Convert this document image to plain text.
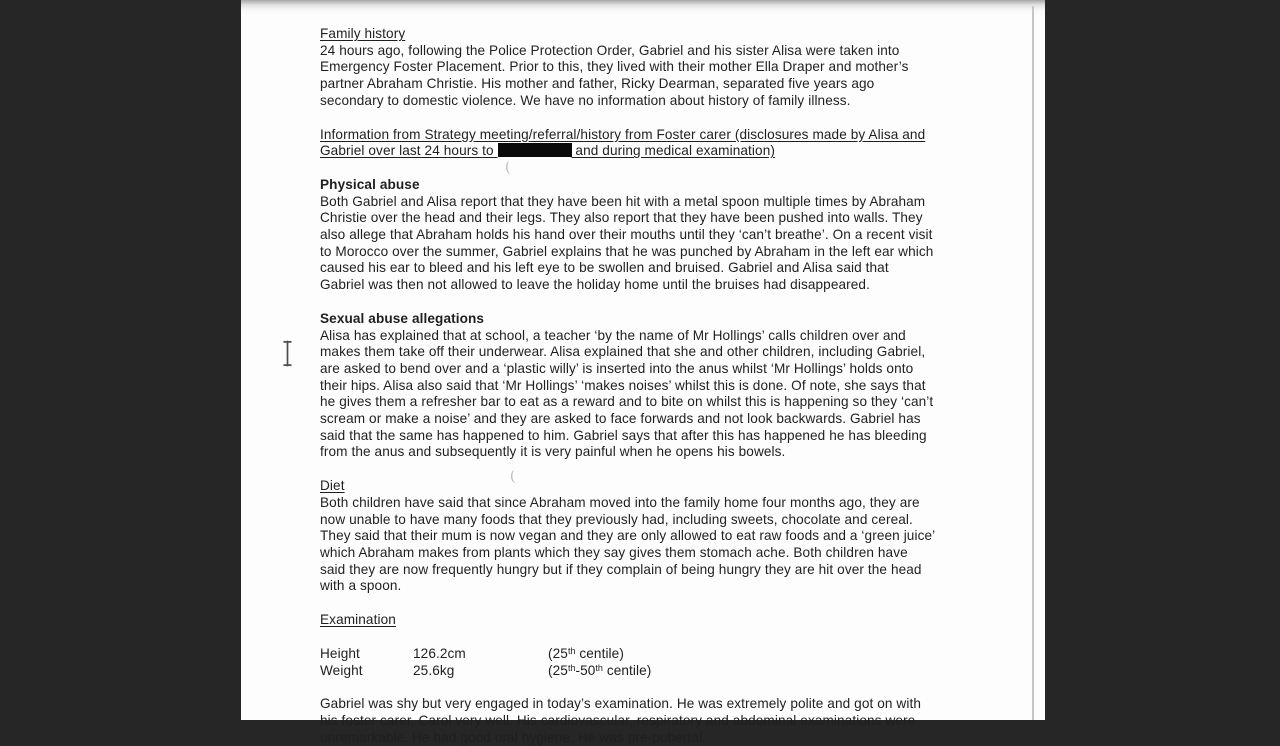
Family history
24 hours ago, following the Police Protection Order, Gabriel and his sister Alisa were taken into
Emergency Foster Placement. Prior to this, they lived with their mother Ella Draper and mother’s
partner Abraham Christie. His mother and father, Ricky Dearman, separated five years ago
secondary to domestic violence. We have no information about history of family illness.
Information from Strategy meeting/referral/history from Foster carer (disclosures made by Alisa and
Gabriel over last 24 hours to	and during medical examination)
Physical abuse
Both Gabriel and Alisa report that they have been hit with a metal spoon multiple times by Abraham
Christie over the head and their legs. They also report that they have been pushed into walls. They
also allege that Abraham holds his hand over their mouths until they ‘can’t breathe’. On a recent visit
to Morocco over the summer, Gabriel explains that he was punched by Abraham in the left ear which
caused his ear to bleed and his left eye to be swollen and bruised. Gabriel and Alisa said that
Gabriel was then not allowed to leave the holiday home until the bruises had disappeared.
Sexual abuse allegations
Alisa has explained that at school, a teacher ‘by the name of Mr Hollings’ calls children over and
makes them take off their underwear. Alisa explained that she and other children, including Gabriel,
are asked to bend over and a ‘plastic willy’ is inserted into the anus whilst ‘Mr Hollings’ holds onto
their hips. Alisa also said that ‘Mr Hollings’ ‘makes noises’ whilst this is done. Of note, she says that
he gives them a refresher bar to eat as a reward and to bite on whilst this is happening so they ‘can’t
scream or make a noise’ and they are asked to face forwards and not look backwards. Gabriel has
said that the same has happened to him. Gabriel says that after this has happened he has bleeding
from the anus and subsequently it is very painful when he opens his bowels.
Diet
Both children have said that since Abraham moved into the family home four months ago, they are
now unable to have many foods that they previously had, including sweets, chocolate and cereal.
They said that their mum is now vegan and they are only allowed to eat raw foods and a ‘green juice’
which Abraham makes from plants which they say gives them stomach ache. Both children have
said they are now frequently hungry but if they complain of being hungry they are hit over the head
with a spoon.
Examination
Height	126.2cm	(25th centile)
Weight	25.6kg	(25th-50th centile)
Gabriel was shy but very engaged in today’s examination. He was extremely polite and got on with
his foster carer, Carol very well. His cardiovascular, respiratory and abdominal examinations were
unremarkable. He had good oral hygiene. He was pre-pubertal.
(
(
